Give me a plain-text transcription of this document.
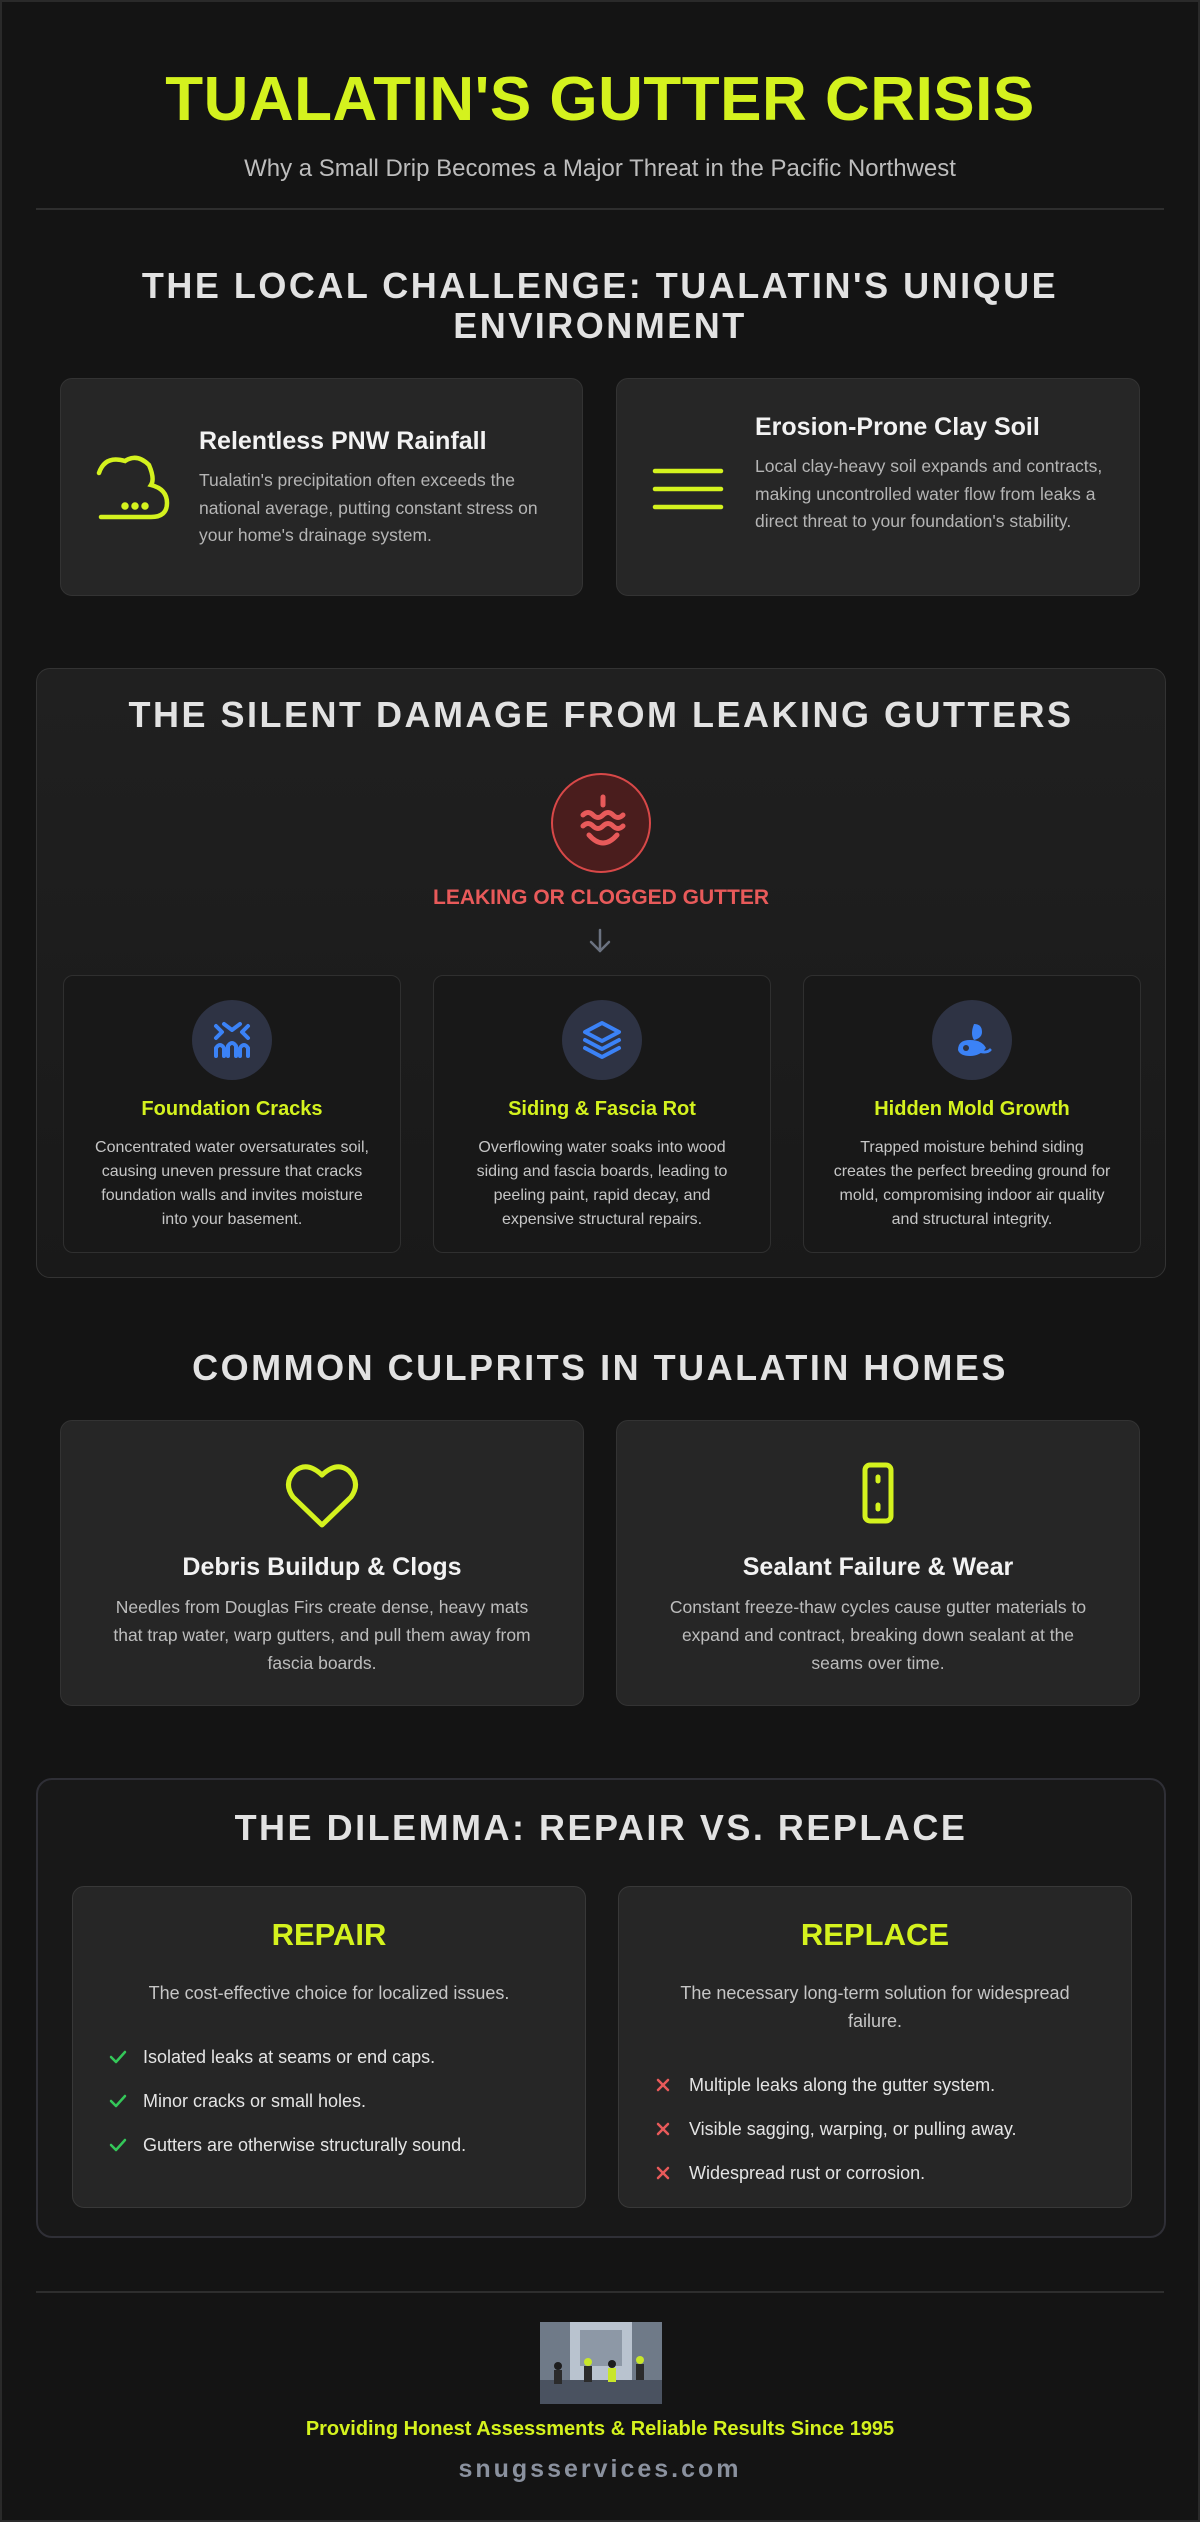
TUALATIN'S GUTTER CRISIS
Why a Small Drip Becomes a Major Threat in the Pacific Northwest
THE LOCAL CHALLENGE: TUALATIN'S UNIQUE ENVIRONMENT
Relentless PNW Rainfall

Tualatin's precipitation often exceeds the national average, putting constant stress on your home's drainage system.

Erosion-Prone Clay Soil

Local clay-heavy soil expands and contracts, making uncontrolled water flow from leaks a direct threat to your foundation's stability.

THE SILENT DAMAGE FROM LEAKING GUTTERS
LEAKING OR CLOGGED GUTTER
Foundation Cracks

Concentrated water oversaturates soil, causing uneven pressure that cracks foundation walls and invites moisture into your basement.

Siding & Fascia Rot

Overflowing water soaks into wood siding and fascia boards, leading to peeling paint, rapid decay, and expensive structural repairs.

Hidden Mold Growth

Trapped moisture behind siding creates the perfect breeding ground for mold, compromising indoor air quality and structural integrity.

COMMON CULPRITS IN TUALATIN HOMES
Debris Buildup & Clogs

Needles from Douglas Firs create dense, heavy mats that trap water, warp gutters, and pull them away from fascia boards.

Sealant Failure & Wear

Constant freeze-thaw cycles cause gutter materials to expand and contract, breaking down sealant at the seams over time.

THE DILEMMA: REPAIR VS. REPLACE
REPAIR
The cost-effective choice for localized issues.
Isolated leaks at seams or end caps.
Minor cracks or small holes.
Gutters are otherwise structurally sound.
REPLACE
The necessary long-term solution for widespread failure.
Multiple leaks along the gutter system.
Visible sagging, warping, or pulling away.
Widespread rust or corrosion.
Providing Honest Assessments & Reliable Results Since 1995
snugsservices.com
